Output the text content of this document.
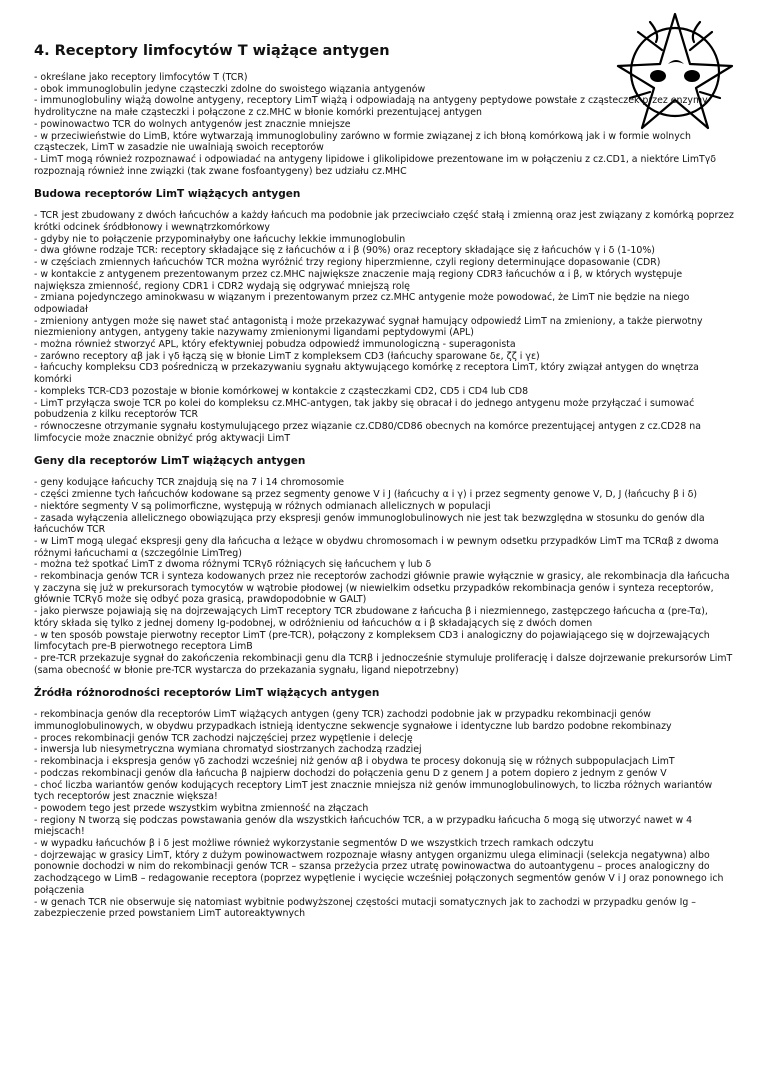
4. Receptory limfocytów T wiążące antygen
- określane jako receptory limfocytów T (TCR)
- obok immunoglobulin jedyne cząsteczki zdolne do swoistego wiązania antygenów
- immunoglobuliny wiążą dowolne antygeny, receptory LimT wiążą i odpowiadają na antygeny peptydowe powstałe z cząsteczek przez enzymy hydrolityczne na małe cząsteczki i połączone z cz.MHC w błonie komórki prezentującej antygen
- powinowactwo TCR do wolnych antygenów jest znacznie mniejsze
- w przeciwieństwie do LimB, które wytwarzają immunoglobuliny zarówno w formie związanej z ich błoną komórkową jak i w formie wolnych cząsteczek, LimT w zasadzie nie uwalniają swoich receptorów
- LimT mogą również rozpoznawać i odpowiadać na antygeny lipidowe i glikolipidowe prezentowane im w połączeniu z cz.CD1, a niektóre LimTγδ rozpoznają również inne związki (tak zwane fosfoantygeny) bez udziału cz.MHC
Budowa receptorów LimT wiążących antygen
- TCR jest zbudowany z dwóch łańcuchów a każdy łańcuch ma podobnie jak przeciwciało część stałą i zmienną oraz jest związany z komórką poprzez krótki odcinek śródbłonowy i wewnątrzkomórkowy
- gdyby nie to połączenie przypominałyby one łańcuchy lekkie immunoglobulin
- dwa główne rodzaje TCR: receptory składające się z łańcuchów α i β (90%) oraz receptory składające się z łańcuchów γ i δ (1-10%)
- w częściach zmiennych łańcuchów TCR można wyróżnić trzy regiony hiperzmienne, czyli regiony determinujące dopasowanie (CDR)
- w kontakcie z antygenem prezentowanym przez cz.MHC największe znaczenie mają regiony CDR3 łańcuchów α i β, w których występuje największa zmienność, regiony CDR1 i CDR2 wydają się odgrywać mniejszą rolę
- zmiana pojedynczego aminokwasu w wiązanym i prezentowanym przez cz.MHC antygenie może powodować, że LimT nie będzie na niego odpowiadał
- zmieniony antygen może się nawet stać antagonistą i może przekazywać sygnał hamujący odpowiedź LimT na zmieniony, a także pierwotny niezmieniony antygen, antygeny takie nazywamy zmienionymi ligandami peptydowymi (APL)
- można również stworzyć APL, który efektywniej pobudza odpowiedź immunologiczną - superagonista
- zarówno receptory αβ jak i γδ łączą się w błonie LimT z kompleksem CD3 (łańcuchy sparowane δε, ζζ i γε)
- łańcuchy kompleksu CD3 pośredniczą w przekazywaniu sygnału aktywującego komórkę z receptora LimT, który związał antygen do wnętrza komórki
- kompleks TCR-CD3 pozostaje w błonie komórkowej w kontakcie z cząsteczkami CD2, CD5 i CD4 lub CD8
- LimT przyłącza swoje TCR po kolei do kompleksu cz.MHC-antygen, tak jakby się obracał i do jednego antygenu może przyłączać i sumować pobudzenia z kilku receptorów TCR
- równoczesne otrzymanie sygnału kostymulującego przez wiązanie cz.CD80/CD86 obecnych na komórce prezentującej antygen z cz.CD28 na limfocycie może znacznie obniżyć próg aktywacji LimT
Geny dla receptorów LimT wiążących antygen
- geny kodujące łańcuchy TCR znajdują się na 7 i 14 chromosomie
- części zmienne tych łańcuchów kodowane są przez segmenty genowe V i J (łańcuchy α i γ) i przez segmenty genowe V, D, J (łańcuchy β i δ)
- niektóre segmenty V są polimorficzne, występują w różnych odmianach allelicznych w populacji
- zasada wyłączenia allelicznego obowiązująca przy ekspresji genów immunoglobulinowych nie jest tak bezwzględna w stosunku do genów dla łańcuchów TCR
- w LimT mogą ulegać ekspresji geny dla łańcucha α leżące w obydwu chromosomach i w pewnym odsetku przypadków LimT ma TCRαβ z dwoma różnymi łańcuchami α (szczególnie LimTreg)
- można też spotkać LimT z dwoma różnymi TCRγδ różniących się łańcuchem γ lub δ
- rekombinacja genów TCR i synteza kodowanych przez nie receptorów zachodzi głównie prawie wyłącznie w grasicy, ale rekombinacja dla łańcucha γ zaczyna się już w prekursorach tymocytów w wątrobie płodowej (w niewielkim odsetku przypadków rekombinacja genów i synteza receptorów, głównie TCRγδ może się odbyć poza grasicą, prawdopodobnie w GALT)
- jako pierwsze pojawiają się na dojrzewających LimT receptory TCR zbudowane z łańcucha β i niezmiennego, zastępczego łańcucha α (pre-Tα), który składa się tylko z jednej domeny Ig-podobnej, w odróżnieniu od łańcuchów α i β składających się z dwóch domen
- w ten sposób powstaje pierwotny receptor LimT (pre-TCR), połączony z kompleksem CD3 i analogiczny do pojawiającego się w dojrzewających limfocytach pre-B pierwotnego receptora LimB
- pre-TCR przekazuje sygnał do zakończenia rekombinacji genu dla TCRβ i jednocześnie stymuluje proliferację i dalsze dojrzewanie prekursorów LimT (sama obecność w błonie pre-TCR wystarcza do przekazania sygnału, ligand niepotrzebny)
Źródła różnorodności receptorów LimT wiążących antygen
- rekombinacja genów dla receptorów LimT wiążących antygen (geny TCR) zachodzi podobnie jak w przypadku rekombinacji genów immunoglobulinowych, w obydwu przypadkach istnieją identyczne sekwencje sygnałowe i identyczne lub bardzo podobne rekombinazy
- proces rekombinacji genów TCR zachodzi najczęściej przez wypętlenie i delecję
- inwersja lub niesymetryczna wymiana chromatyd siostrzanych zachodzą rzadziej
- rekombinacja i ekspresja genów γδ zachodzi wcześniej niż genów αβ i obydwa te procesy dokonują się w różnych subpopulacjach LimT
- podczas rekombinacji genów dla łańcucha β najpierw dochodzi do połączenia genu D z genem J a potem dopiero z jednym z genów V
- choć liczba wariantów genów kodujących receptory LimT jest znacznie mniejsza niż genów immunoglobulinowych, to liczba różnych wariantów tych receptorów jest znacznie większa!
- powodem tego jest przede wszystkim wybitna zmienność na złączach
- regiony N tworzą się podczas powstawania genów dla wszystkich łańcuchów TCR, a w przypadku łańcucha δ mogą się utworzyć nawet w 4 miejscach!
- w wypadku łańcuchów β i δ jest możliwe również wykorzystanie segmentów D we wszystkich trzech ramkach odczytu
- dojrzewając w grasicy LimT, który z dużym powinowactwem rozpoznaje własny antygen organizmu ulega eliminacji (selekcja negatywna) albo ponownie dochodzi w nim do rekombinacji genów TCR – szansa przeżycia przez utratę powinowactwa do autoantygenu – proces analogiczny do zachodzącego w LimB – redagowanie receptora (poprzez wypętlenie i wycięcie wcześniej połączonych segmentów genów V i J oraz ponownego ich połączenia
- w genach TCR nie obserwuje się natomiast wybitnie podwyższonej częstości mutacji somatycznych jak to zachodzi w przypadku genów Ig – zabezpieczenie przed powstaniem LimT autoreaktywnych
